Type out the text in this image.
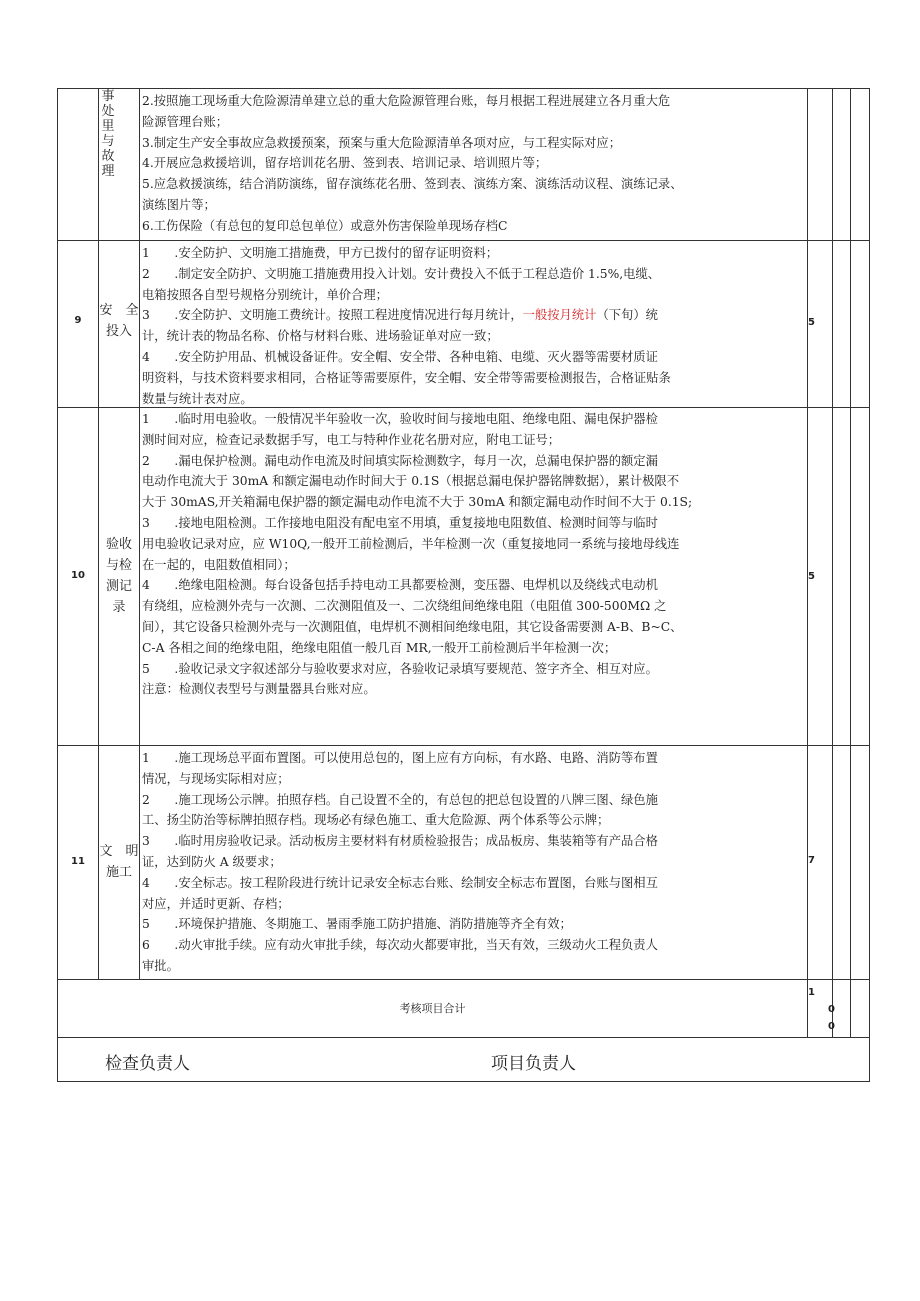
事
处
里
与
故
理

2.按照施工现场重大危险源清单建立总的重大危险源管理台账，每月根据工程进展建立各月重大危

险源管理台账；

3.制定生产安全事故应急救援预案，预案与重大危险源清单各项对应，与工程实际对应；

4.开展应急救援培训，留存培训花名册、签到表、培训记录、培训照片等；

5.应急救援演练，结合消防演练，留存演练花名册、签到表、演练方案、演练活动议程、演练记录、

演练图片等；

6.工伤保险（有总包的复印总包单位）或意外伤害保险单现场存档C

9
安　全
投入

1　　.安全防护、文明施工措施费，甲方已拨付的留存证明资料；

2　　.制定安全防护、文明施工措施费用投入计划。安计费投入不低于工程总造价 1.5%,电缆、

电箱按照各自型号规格分别统计，单价合理；

3　　.安全防护、文明施工费统计。按照工程进度情况进行每月统计，一般按月统计（下旬）统

计，统计表的物品名称、价格与材料台账、进场验证单对应一致；

4　　.安全防护用品、机械设备证件。安全帽、安全带、各种电箱、电缆、灭火器等需要材质证

明资料，与技术资料要求相同，合格证等需要原件，安全帽、安全带等需要检测报告，合格证贴条

数量与统计表对应。

5
10
验收
与检
测记
录

1　　.临时用电验收。一般情况半年验收一次，验收时间与接地电阻、绝缘电阻、漏电保护器检

测时间对应，检查记录数据手写，电工与特种作业花名册对应，附电工证号；

2　　.漏电保护检测。漏电动作电流及时间填实际检测数字，每月一次，总漏电保护器的额定漏

电动作电流大于 30mA 和额定漏电动作时间大于 0.1S（根据总漏电保护器铭牌数据），累计极限不

大于 30mAS,开关箱漏电保护器的额定漏电动作电流不大于 30mA 和额定漏电动作时间不大于 0.1S;

3　　.接地电阻检测。工作接地电阻没有配电室不用填，重复接地电阻数值、检测时间等与临时

用电验收记录对应，应 W10Q,一般开工前检测后，半年检测一次（重复接地同一系统与接地母线连

在一起的，电阻数值相同）；

4　　.绝缘电阻检测。每台设备包括手持电动工具都要检测，变压器、电焊机以及绕线式电动机

有绕组，应检测外壳与一次测、二次测阻值及一、二次绕组间绝缘电阻（电阻值 300-500MΩ 之

间），其它设备只检测外壳与一次测阻值，电焊机不测相间绝缘电阻，其它设备需要测 A-B、B~C、

C-A 各相之间的绝缘电阻，绝缘电阻值一般几百 MR,一般开工前检测后半年检测一次；

5　　.验收记录文字叙述部分与验收要求对应，各验收记录填写要规范、签字齐全、相互对应。

注意：检测仪表型号与测量器具台账对应。

5
11
文　明
施工

1　　.施工现场总平面布置图。可以使用总包的，图上应有方向标，有水路、电路、消防等布置

情况，与现场实际相对应；

2　　.施工现场公示牌。拍照存档。自己设置不全的，有总包的把总包设置的八牌三图、绿色施

工、扬尘防治等标牌拍照存档。现场必有绿色施工、重大危险源、两个体系等公示牌；

3　　.临时用房验收记录。活动板房主要材料有材质检验报告；成品板房、集装箱等有产品合格

证，达到防火 A 级要求；

4　　.安全标志。按工程阶段进行统计记录安全标志台账、绘制安全标志布置图，台账与图相互

对应，并适时更新、存档；

5　　.环境保护措施、冬期施工、暑雨季施工防护措施、消防措施等齐全有效；

6　　.动火审批手续。应有动火审批手续，每次动火都要审批，当天有效，三级动火工程负责人

审批。

7
考核项目合计
1
0
0
检查负责人	项目负责人
